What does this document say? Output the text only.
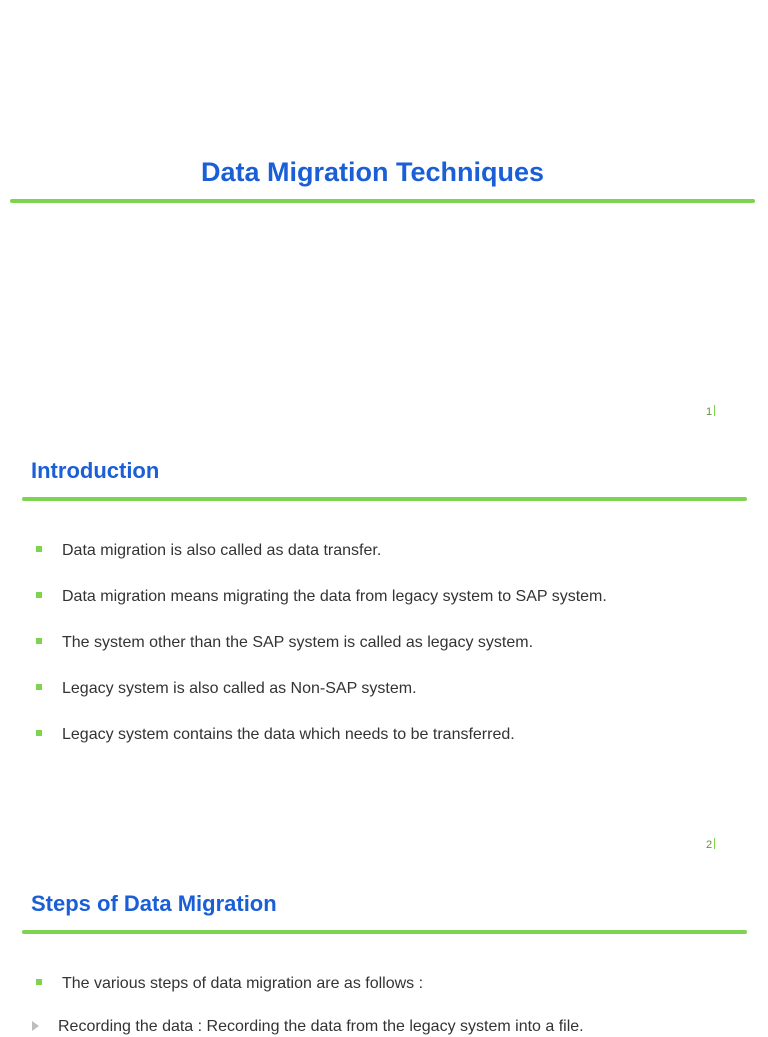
Data Migration Techniques
1
Introduction
Data migration is also called as data transfer.
Data migration means migrating the data from legacy system to SAP system.
The system other than the SAP system is called as legacy system.
Legacy system is also called as Non-SAP system.
Legacy system contains the data which needs to be transferred.
2
Steps of Data Migration
The various steps of data migration are as follows :
Recording the data : Recording the data from the legacy system into a file.
